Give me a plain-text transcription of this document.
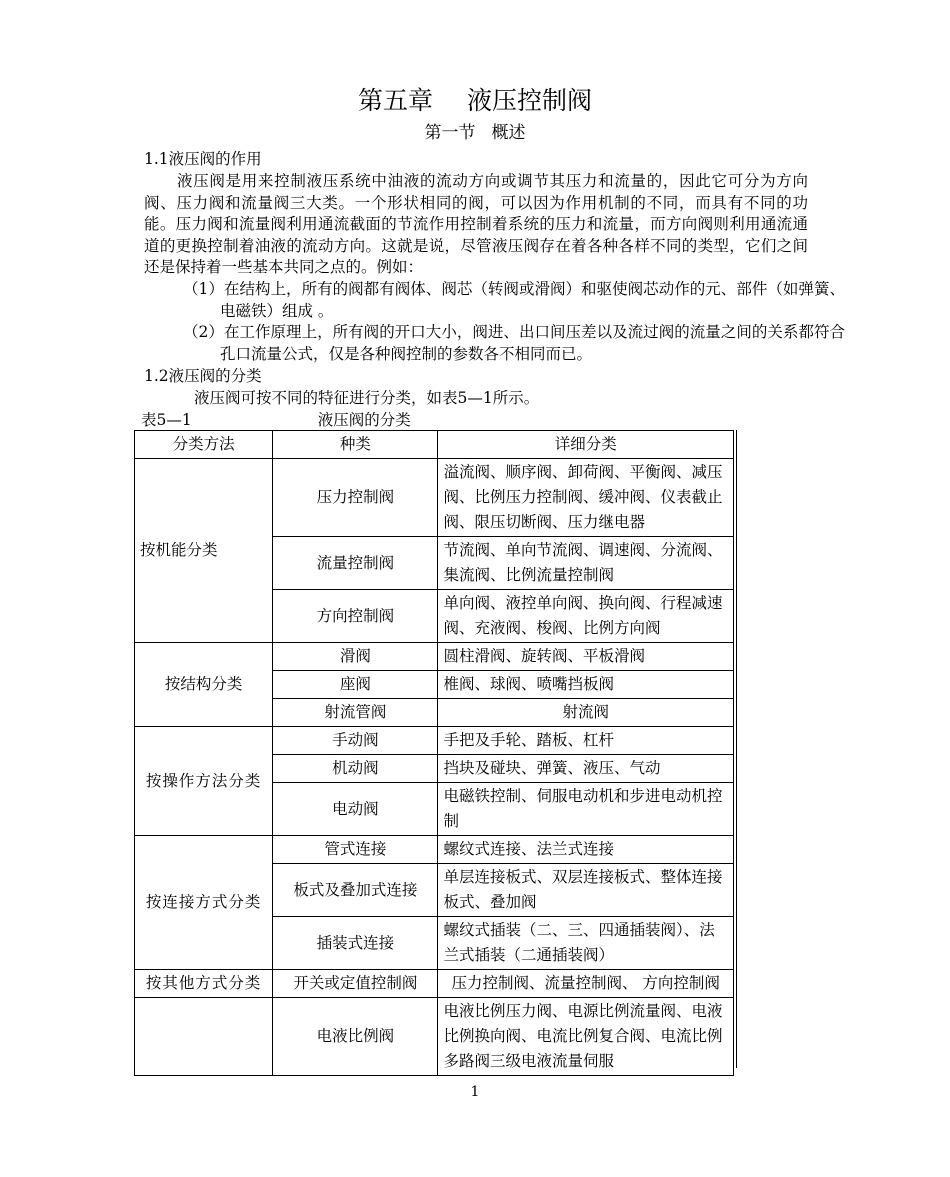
第五章 液压控制阀
第一节 概述
1.1液压阀的作用
液压阀是用来控制液压系统中油液的流动方向或调节其压力和流量的，因此它可分为方向阀、压力阀和流量阀三大类。一个形状相同的阀，可以因为作用机制的不同，而具有不同的功能。压力阀和流量阀利用通流截面的节流作用控制着系统的压力和流量，而方向阀则利用通流通道的更换控制着油液的流动方向。这就是说，尽管液压阀存在着各种各样不同的类型，它们之间还是保持着一些基本共同之点的。例如：
（1）在结构上，所有的阀都有阀体、阀芯（转阀或滑阀）和驱使阀芯动作的元、部件（如弹簧、电磁铁）组成 。
（2）在工作原理上，所有阀的开口大小，阀进、出口间压差以及流过阀的流量之间的关系都符合孔口流量公式，仅是各种阀控制的参数各不相同而已。
1.2液压阀的分类
液压阀可按不同的特征进行分类，如表5—1所示。
表5—1	液压阀的分类
分类方法	种类	详细分类
按机能分类	压力控制阀	溢流阀、顺序阀、卸荷阀、平衡阀、减压阀、比例压力控制阀、缓冲阀、仪表截止阀、限压切断阀、压力继电器
	流量控制阀	节流阀、单向节流阀、调速阀、分流阀、集流阀、比例流量控制阀
	方向控制阀	单向阀、液控单向阀、换向阀、行程减速阀、充液阀、梭阀、比例方向阀
按结构分类	滑阀	圆柱滑阀、旋转阀、平板滑阀
	座阀	椎阀、球阀、喷嘴挡板阀
	射流管阀	射流阀
按操作方法分类	手动阀	手把及手轮、踏板、杠杆
	机动阀	挡块及碰块、弹簧、液压、气动
	电动阀	电磁铁控制、伺服电动机和步进电动机控制
按连接方式分类	管式连接	螺纹式连接、法兰式连接
	板式及叠加式连接	单层连接板式、双层连接板式、整体连接板式、叠加阀
	插装式连接	螺纹式插装（二、三、四通插装阀）、法兰式插装（二通插装阀）
按其他方式分类	开关或定值控制阀	压力控制阀、流量控制阀、 方向控制阀
	电液比例阀	电液比例压力阀、电源比例流量阀、电液比例换向阀、电流比例复合阀、电流比例多路阀三级电液流量伺服
1
